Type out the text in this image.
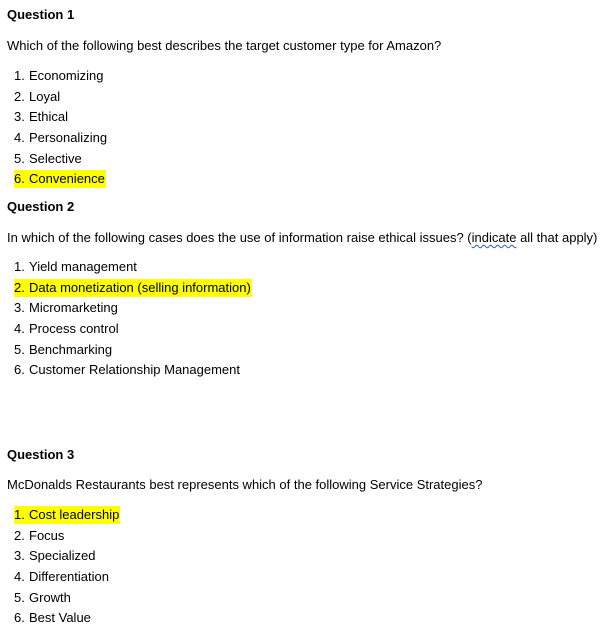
Question 1
Which of the following best describes the target customer type for Amazon?
1. Economizing
2. Loyal
3. Ethical
4. Personalizing
5. Selective
6. Convenience
Question 2
In which of the following cases does the use of information raise ethical issues? (indicate all that apply)
1. Yield management
2. Data monetization (selling information)
3. Micromarketing
4. Process control
5. Benchmarking
6. Customer Relationship Management
Question 3
McDonalds Restaurants best represents which of the following Service Strategies?
1. Cost leadership
2. Focus
3. Specialized
4. Differentiation
5. Growth
6. Best Value
